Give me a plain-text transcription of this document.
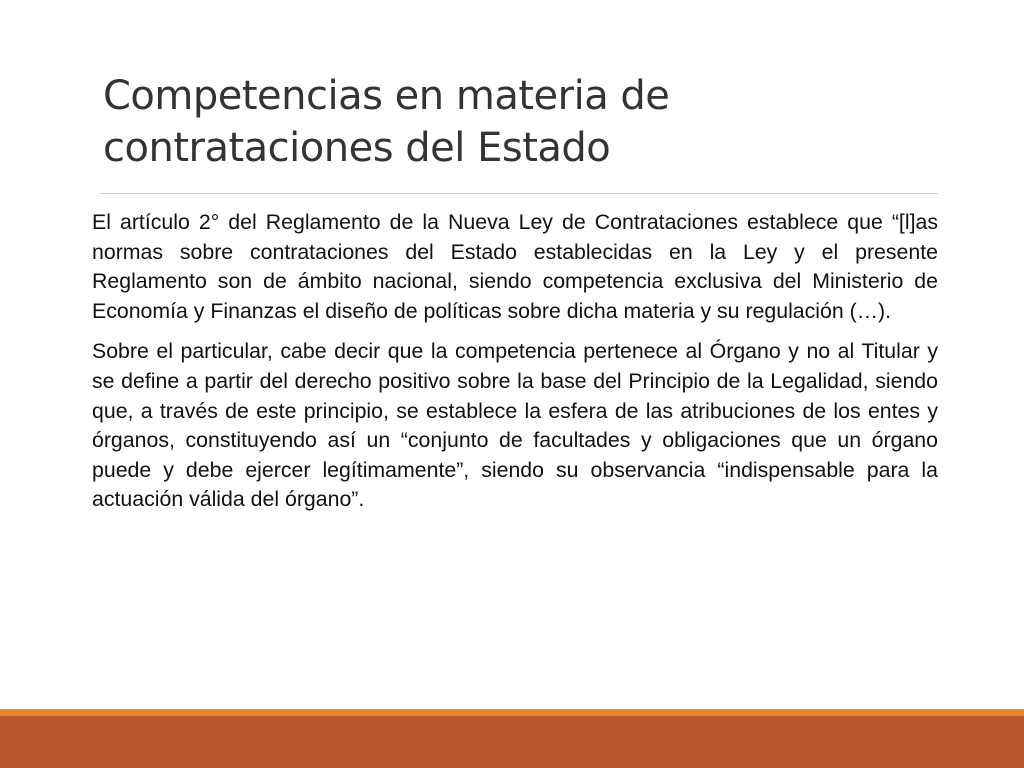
Competencias en materia de contrataciones del Estado

El artículo 2° del Reglamento de la Nueva Ley de Contrataciones establece que “[l]as normas sobre contrataciones del Estado establecidas en la Ley y el presente Reglamento son de ámbito nacional, siendo competencia exclusiva del Ministerio de Economía y Finanzas el diseño de políticas sobre dicha materia y su regulación (…).

Sobre el particular, cabe decir que la competencia pertenece al Órgano y no al Titular y se define a partir del derecho positivo sobre la base del Principio de la Legalidad, siendo que, a través de este principio, se establece la esfera de las atribuciones de los entes y órganos, constituyendo así un “conjunto de facultades y obligaciones que un órgano puede y debe ejercer legítimamente”, siendo su observancia “indispensable para la actuación válida del órgano”.
